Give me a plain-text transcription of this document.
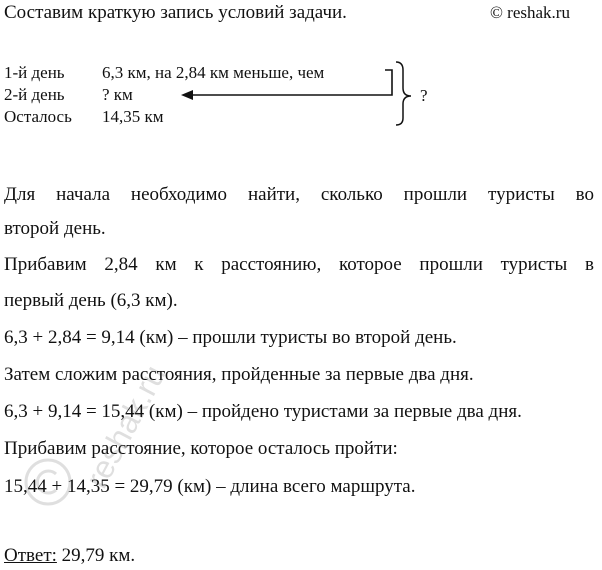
Составим краткую запись условий задачи.	© reshak.ru
1-й день 6,3 км, на 2,84 км меньше, чем
2-й день ? км
Осталось 14,35 км
?
Для начала необходимо найти, сколько прошли туристы во
второй день.
Прибавим 2,84 км к расстоянию, которое прошли туристы в
первый день (6,3 км).
6,3 + 2,84 = 9,14 (км) – прошли туристы во второй день.
Затем сложим расстояния, пройденные за первые два дня.
6,3 + 9,14 = 15,44 (км) – пройдено туристами за первые два дня.
Прибавим расстояние, которое осталось пройти:
15,44 + 14,35 = 29,79 (км) – длина всего маршрута.
Ответ: 29,79 км.
reshak.ru
